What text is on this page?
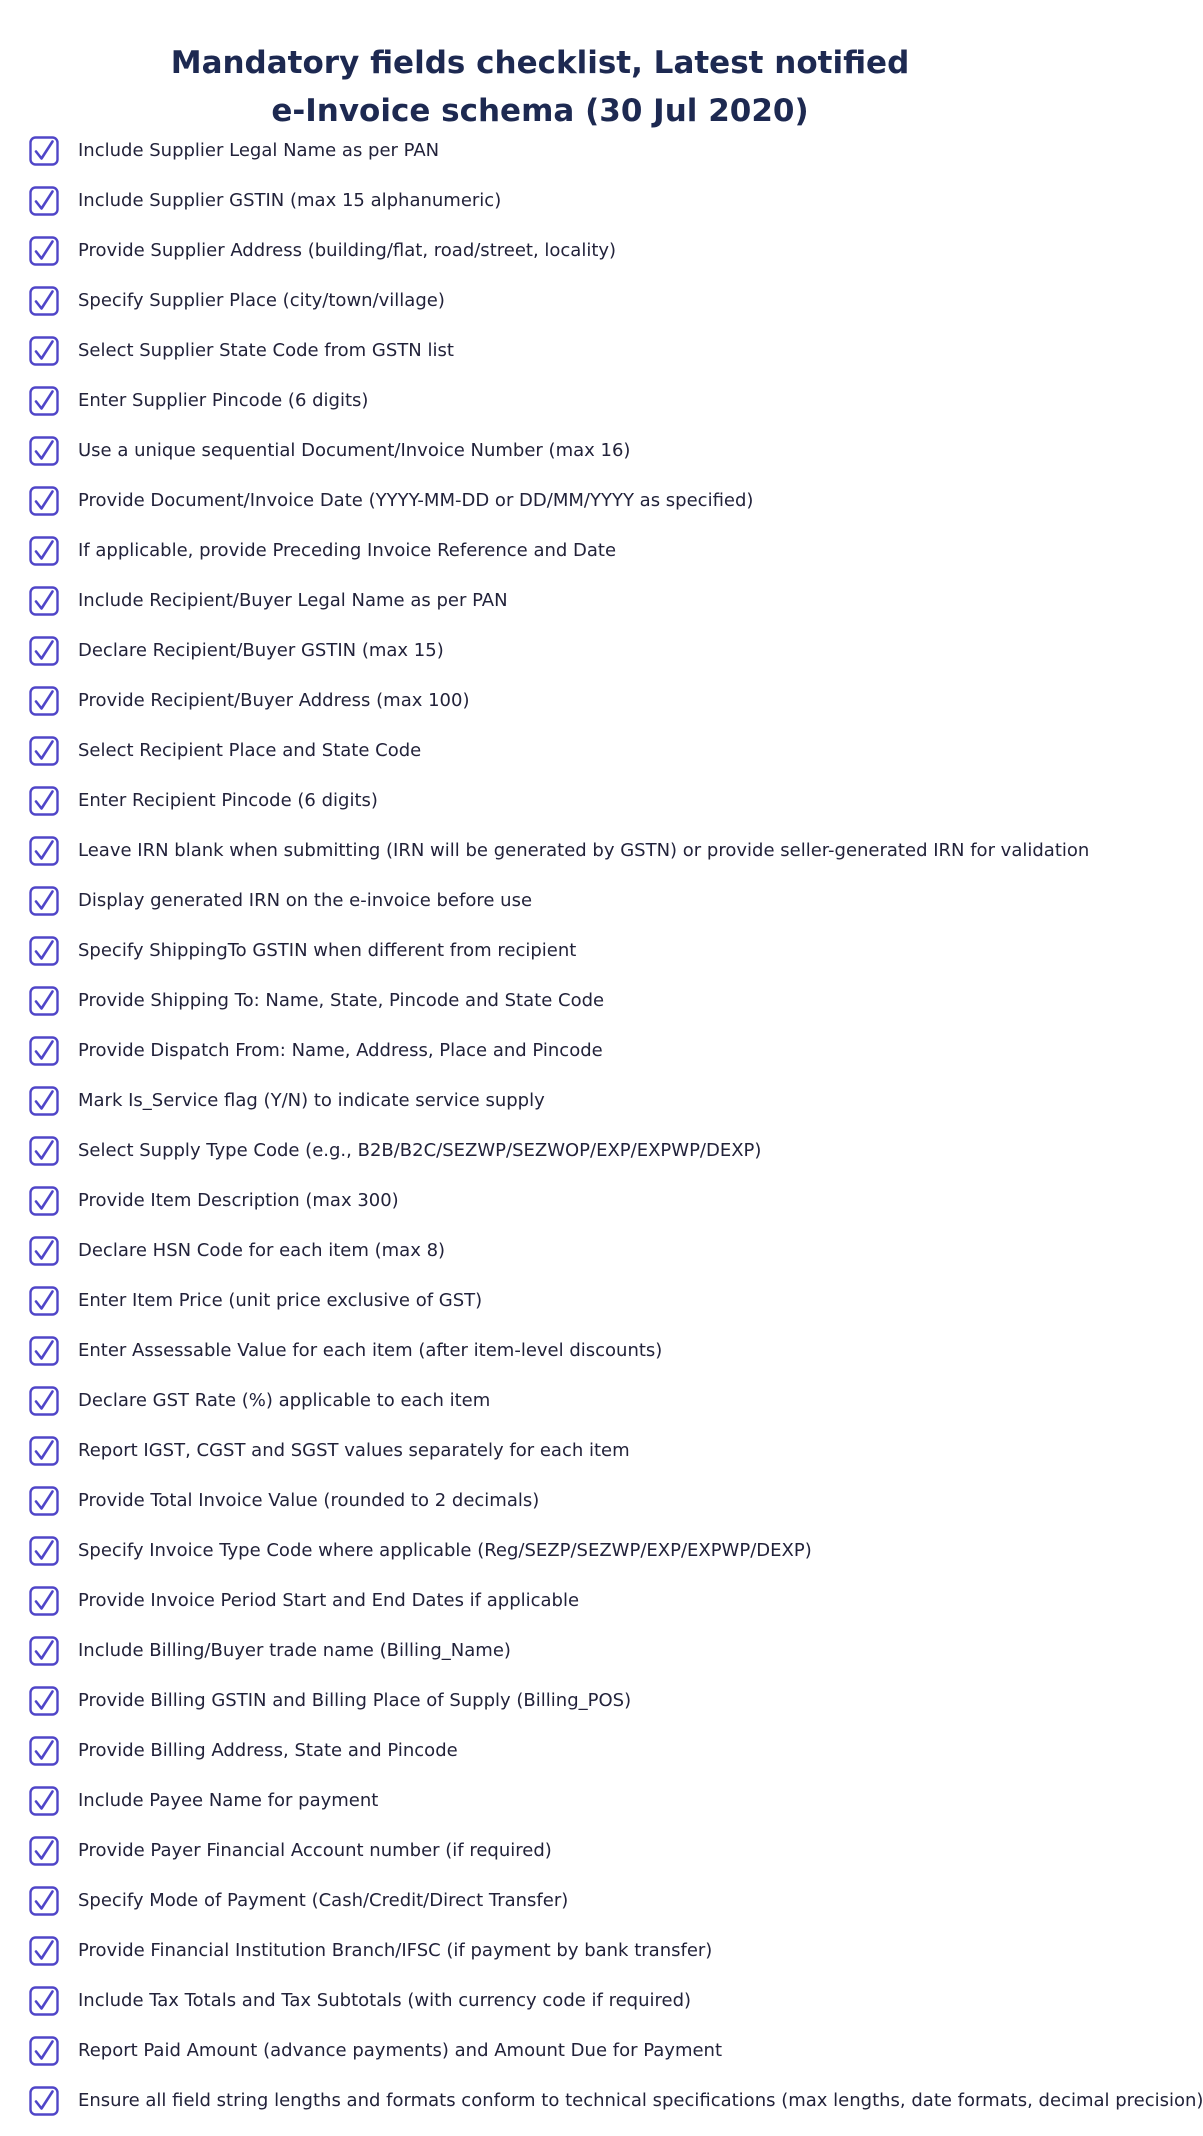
Mandatory fields checklist, Latest notified
e-Invoice schema (30 Jul 2020)
Include Supplier Legal Name as per PAN
Include Supplier GSTIN (max 15 alphanumeric)
Provide Supplier Address (building/flat, road/street, locality)
Specify Supplier Place (city/town/village)
Select Supplier State Code from GSTN list
Enter Supplier Pincode (6 digits)
Use a unique sequential Document/Invoice Number (max 16)
Provide Document/Invoice Date (YYYY-MM-DD or DD/MM/YYYY as specified)
If applicable, provide Preceding Invoice Reference and Date
Include Recipient/Buyer Legal Name as per PAN
Declare Recipient/Buyer GSTIN (max 15)
Provide Recipient/Buyer Address (max 100)
Select Recipient Place and State Code
Enter Recipient Pincode (6 digits)
Leave IRN blank when submitting (IRN will be generated by GSTN) or provide seller-generated IRN for validation
Display generated IRN on the e-invoice before use
Specify ShippingTo GSTIN when different from recipient
Provide Shipping To: Name, State, Pincode and State Code
Provide Dispatch From: Name, Address, Place and Pincode
Mark Is_Service flag (Y/N) to indicate service supply
Select Supply Type Code (e.g., B2B/B2C/SEZWP/SEZWOP/EXP/EXPWP/DEXP)
Provide Item Description (max 300)
Declare HSN Code for each item (max 8)
Enter Item Price (unit price exclusive of GST)
Enter Assessable Value for each item (after item-level discounts)
Declare GST Rate (%) applicable to each item
Report IGST, CGST and SGST values separately for each item
Provide Total Invoice Value (rounded to 2 decimals)
Specify Invoice Type Code where applicable (Reg/SEZP/SEZWP/EXP/EXPWP/DEXP)
Provide Invoice Period Start and End Dates if applicable
Include Billing/Buyer trade name (Billing_Name)
Provide Billing GSTIN and Billing Place of Supply (Billing_POS)
Provide Billing Address, State and Pincode
Include Payee Name for payment
Provide Payer Financial Account number (if required)
Specify Mode of Payment (Cash/Credit/Direct Transfer)
Provide Financial Institution Branch/IFSC (if payment by bank transfer)
Include Tax Totals and Tax Subtotals (with currency code if required)
Report Paid Amount (advance payments) and Amount Due for Payment
Ensure all field string lengths and formats conform to technical specifications (max lengths, date formats, decimal precision)
